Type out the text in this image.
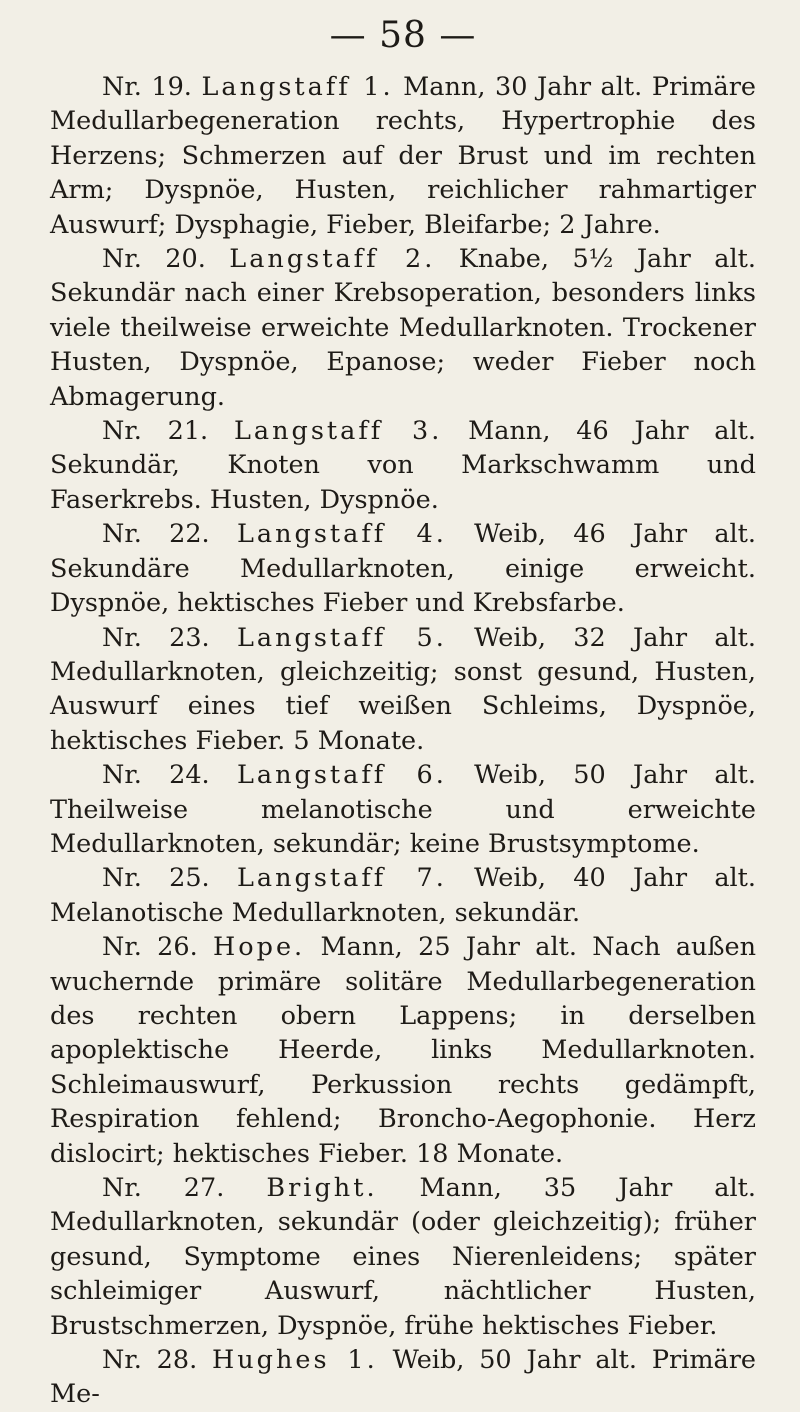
— 58 —

Nr. 19. Langstaff 1. Mann, 30 Jahr alt. Primäre Medullarbegeneration rechts, Hypertrophie des Herzens; Schmerzen auf der Brust und im rechten Arm; Dyspnöe, Husten, reichlicher rahmartiger Auswurf; Dysphagie, Fieber, Bleifarbe; 2 Jahre.

Nr. 20. Langstaff 2. Knabe, 5½ Jahr alt. Sekundär nach einer Krebsoperation, besonders links viele theilweise erweichte Medullarknoten. Trockener Husten, Dyspnöe, Epanose; weder Fieber noch Abmagerung.

Nr. 21. Langstaff 3. Mann, 46 Jahr alt. Sekundär, Knoten von Markschwamm und Faserkrebs. Husten, Dyspnöe.

Nr. 22. Langstaff 4. Weib, 46 Jahr alt. Sekundäre Medullarknoten, einige erweicht. Dyspnöe, hektisches Fieber und Krebsfarbe.

Nr. 23. Langstaff 5. Weib, 32 Jahr alt. Medullarknoten, gleichzeitig; sonst gesund, Husten, Auswurf eines tief weißen Schleims, Dyspnöe, hektisches Fieber. 5 Monate.

Nr. 24. Langstaff 6. Weib, 50 Jahr alt. Theilweise melanotische und erweichte Medullarknoten, sekundär; keine Brustsymptome.

Nr. 25. Langstaff 7. Weib, 40 Jahr alt. Melanotische Medullarknoten, sekundär.

Nr. 26. Hope. Mann, 25 Jahr alt. Nach außen wuchernde primäre solitäre Medullarbegeneration des rechten obern Lappens; in derselben apoplektische Heerde, links Medullarknoten. Schleimauswurf, Perkussion rechts gedämpft, Respiration fehlend; Broncho-Aegophonie. Herz dislocirt; hektisches Fieber. 18 Monate.

Nr. 27. Bright. Mann, 35 Jahr alt. Medullarknoten, sekundär (oder gleichzeitig); früher gesund, Symptome eines Nierenleidens; später schleimiger Auswurf, nächtlicher Husten, Brustschmerzen, Dyspnöe, frühe hektisches Fieber.

Nr. 28. Hughes 1. Weib, 50 Jahr alt. Primäre Me-
